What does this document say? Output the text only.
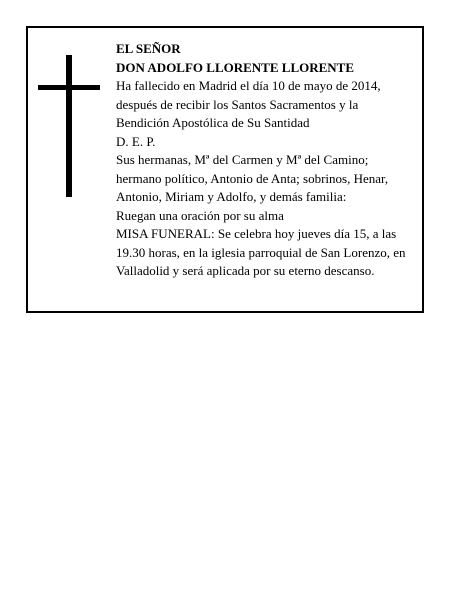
EL SEÑOR
DON ADOLFO LLORENTE LLORENTE
Ha fallecido en Madrid el día 10 de mayo de 2014,
después de recibir los Santos Sacramentos y la
Bendición Apostólica de Su Santidad
D. E. P.
Sus hermanas, Mª del Carmen y Mª del Camino;
hermano político, Antonio de Anta; sobrinos, Henar,
Antonio, Miriam y Adolfo, y demás familia:
Ruegan una oración por su alma
MISA FUNERAL: Se celebra hoy jueves día 15, a las
19.30 horas, en la iglesia parroquial de San Lorenzo, en
Valladolid y será aplicada por su eterno descanso.
